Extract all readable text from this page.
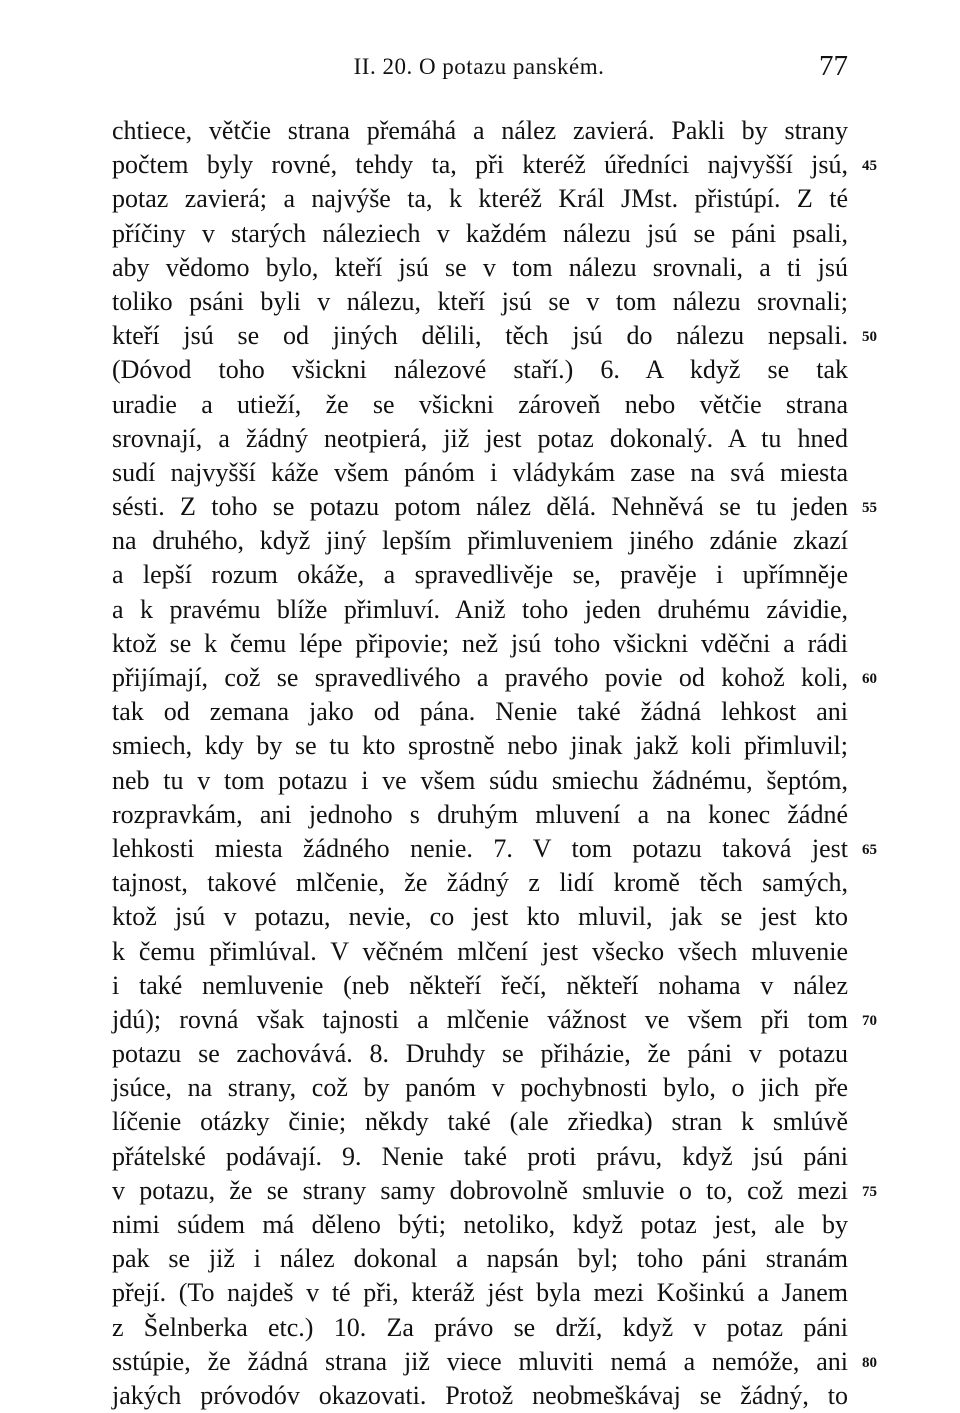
II. 20. O potazu panském.	77
chtiece, větčie strana přemáhá a nález zavierá. Pakli by strany
počtem byly rovné, tehdy ta, při kteréž úředníci najvyšší jsú, 45
potaz zavierá; a najvýše ta, k kteréž Král JMst. přistúpí. Z té
příčiny v starých náleziech v každém nálezu jsú se páni psali,
aby vědomo bylo, kteří jsú se v tom nálezu srovnali, a ti jsú
toliko psáni byli v nálezu, kteří jsú se v tom nálezu srovnali;
kteří jsú se od jiných dělili, těch jsú do nálezu nepsali. 50
(Dóvod toho všickni nálezové staří.) 6. A když se tak
uradie a utieží, že se všickni zároveň nebo větčie strana
srovnají, a žádný neotpierá, již jest potaz dokonalý. A tu hned
sudí najvyšší káže všem pánóm i vládykám zase na svá miesta
sésti. Z toho se potazu potom nález dělá. Nehněvá se tu jeden 55
na druhého, když jiný lepším přimluveniem jiného zdánie zkazí
a lepší rozum okáže, a spravedlivěje se, pravěje i upřímněje
a k pravému blíže přimluví. Aniž toho jeden druhému závidie,
ktož se k čemu lépe připovie; než jsú toho všickni vděčni a rádi
přijímají, což se spravedlivého a pravého povie od kohož koli, 60
tak od zemana jako od pána. Nenie také žádná lehkost ani
smiech, kdy by se tu kto sprostně nebo jinak jakž koli přimluvil;
neb tu v tom potazu i ve všem súdu smiechu žádnému, šeptóm,
rozpravkám, ani jednoho s druhým mluvení a na konec žádné
lehkosti miesta žádného nenie. 7. V tom potazu taková jest 65
tajnost, takové mlčenie, že žádný z lidí kromě těch samých,
ktož jsú v potazu, nevie, co jest kto mluvil, jak se jest kto
k čemu přimlúval. V věčném mlčení jest všecko všech mluvenie
i také nemluvenie (neb někteří řečí, někteří nohama v nález
jdú); rovná však tajnosti a mlčenie vážnost ve všem při tom 70
potazu se zachovává. 8. Druhdy se přiházie, že páni v potazu
jsúce, na strany, což by panóm v pochybnosti bylo, o jich pře
líčenie otázky činie; někdy také (ale zřiedka) stran k smlúvě
přátelské podávají. 9. Nenie také proti právu, když jsú páni
v potazu, že se strany samy dobrovolně smluvie o to, což mezi 75
nimi súdem má děleno býti; netoliko, když potaz jest, ale by
pak se již i nález dokonal a napsán byl; toho páni stranám
přejí. (To najdeš v té při, kteráž jést byla mezi Košinkú a Janem
z Šelnberka etc.) 10. Za právo se drží, když v potaz páni
sstúpie, že žádná strana již viece mluviti nemá a nemóže, ani 80
jakých próvodóv okazovati. Protož neobmeškávaj se žádný, to
